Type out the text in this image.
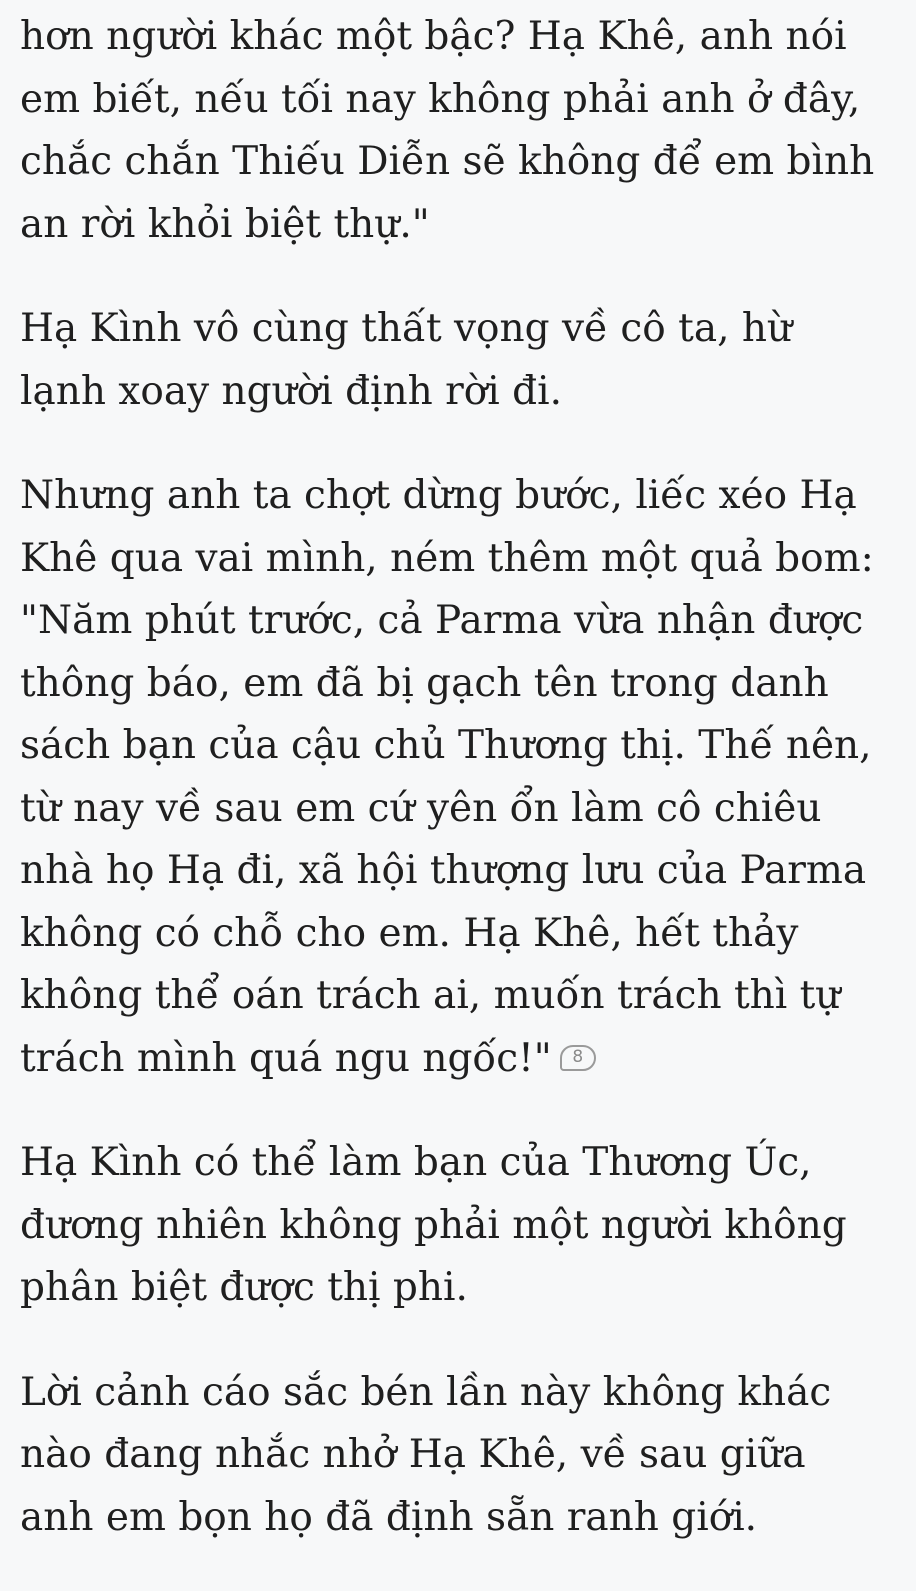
hơn người khác một bậc? Hạ Khê, anh nói em biết, nếu tối nay không phải anh ở đây, chắc chắn Thiếu Diễn sẽ không để em bình an rời khỏi biệt thự."

Hạ Kình vô cùng thất vọng về cô ta, hừ lạnh xoay người định rời đi.

Nhưng anh ta chợt dừng bước, liếc xéo Hạ Khê qua vai mình, ném thêm một quả bom: "Năm phút trước, cả Parma vừa nhận được thông báo, em đã bị gạch tên trong danh sách bạn của cậu chủ Thương thị. Thế nên, từ nay về sau em cứ yên ổn làm cô chiêu nhà họ Hạ đi, xã hội thượng lưu của Parma không có chỗ cho em. Hạ Khê, hết thảy không thể oán trách ai, muốn trách thì tự trách mình quá ngu ngốc!" 8

Hạ Kình có thể làm bạn của Thương Úc, đương nhiên không phải một người không phân biệt được thị phi.

Lời cảnh cáo sắc bén lần này không khác nào đang nhắc nhở Hạ Khê, về sau giữa anh em bọn họ đã định sẵn ranh giới.
